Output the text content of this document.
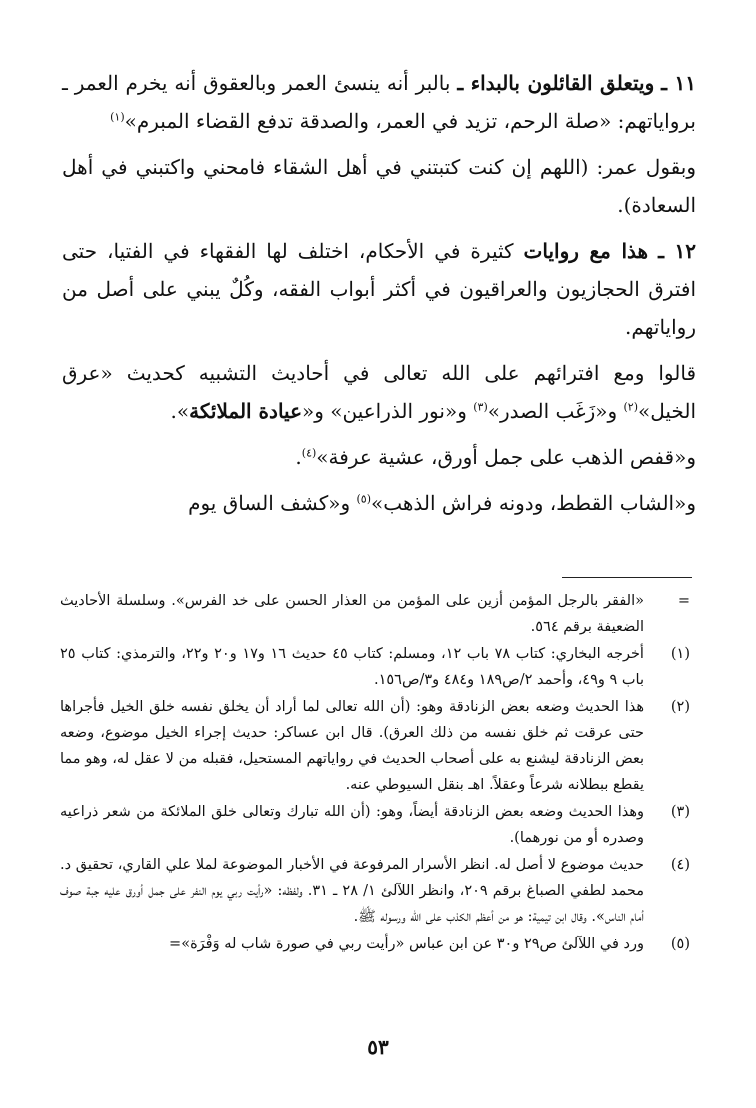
١١ ـ ويتعلق القائلون بالبداء ـ بالبر أنه ينسئ العمر وبالعقوق أنه يخرم العمر ـ برواياتهم: «صلة الرحم، تزيد في العمر، والصدقة تدفع القضاء المبرم»$^{(١)}$

وبقول عمر: (اللهم إن كنت كتبتني في أهل الشقاء فامحني واكتبني في أهل السعادة).

١٢ ـ هذا مع روايات كثيرة في الأحكام، اختلف لها الفقهاء في الفتيا، حتى افترق الحجازيون والعراقيون في أكثر أبواب الفقه، وكُلٌ يبني على أصل من رواياتهم.

قالوا ومع افترائهم على الله تعالى في أحاديث التشبيه كحديث «عرق الخيل»$^{(٢)}$ و«زَغَب الصدر»$^{(٣)}$ و«نور الذراعين» و«عيادة الملائكة».

و«قفص الذهب على جمل أورق، عشية عرفة»$^{(٤)}$.

و«الشاب القطط، ودونه فراش الذهب»$^{(٥)}$ و«كشف الساق يوم

=
«الفقر بالرجل المؤمن أزين على المؤمن من العذار الحسن على خد الفرس». وسلسلة الأحاديث الضعيفة برقم ٥٦٤.
(١)
أخرجه البخاري: كتاب ٧٨ باب ١٢، ومسلم: كتاب ٤٥ حديث ١٦ و١٧ و٢٠ و٢٢، والترمذي: كتاب ٢٥ باب ٩ و٤٩، وأحمد ٢/ص١٨٩ و٤٨٤ و٣/ص١٥٦.
(٢)
هذا الحديث وضعه بعض الزنادقة وهو: (أن الله تعالى لما أراد أن يخلق نفسه خلق الخيل فأجراها حتى عرقت ثم خلق نفسه من ذلك العرق). قال ابن عساكر: حديث إجراء الخيل موضوع، وضعه بعض الزنادقة ليشنع به على أصحاب الحديث في رواياتهم المستحيل، فقبله من لا عقل له، وهو مما يقطع ببطلانه شرعاً وعقلاً. اهـ بنقل السيوطي عنه.
(٣)
وهذا الحديث وضعه بعض الزنادقة أيضاً، وهو: (أن الله تبارك وتعالى خلق الملائكة من شعر ذراعيه وصدره أو من نورهما).
(٤)
حديث موضوع لا أصل له. انظر الأسرار المرفوعة في الأخبار الموضوعة لملا علي القاري، تحقيق د. محمد لطفي الصباغ برقم ٢٠٩، وانظر اللآلئ ١/ ٢٨ ـ ٣١. ولفظه: «رأيت ربي يوم النفر على جمل أورق عليه جبة صوف أمام الناس». وقال ابن تيمية: هو من أعظم الكذب على الله ورسوله ﷺ.
(٥)
ورد في اللآلئ ص٢٩ و٣٠ عن ابن عباس «رأيت ربي في صورة شاب له وَفْرَة»=
٥٣
